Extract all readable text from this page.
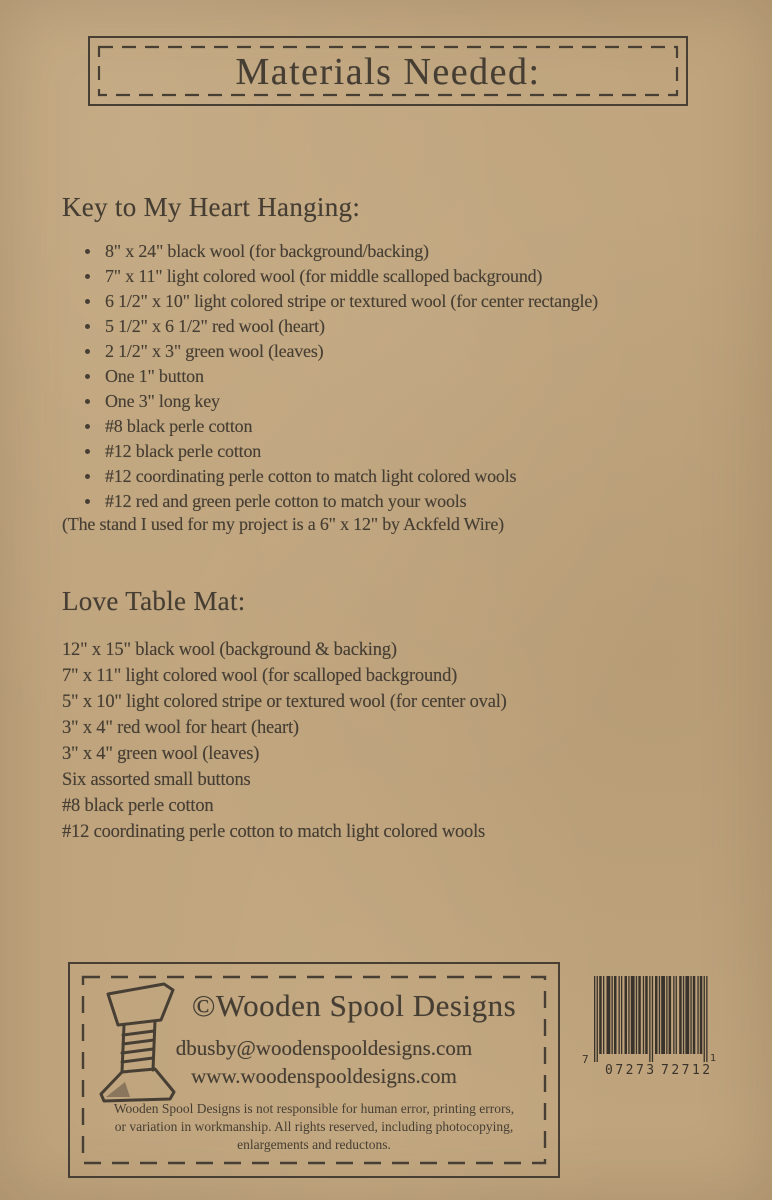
Materials Needed:
Key to My Heart Hanging:
8" x 24" black wool (for background/backing)
7" x 11" light colored wool (for middle scalloped background)
6 1/2" x 10" light colored stripe or textured wool (for center rectangle)
5 1/2" x 6 1/2" red wool (heart)
2 1/2" x 3" green wool (leaves)
One 1" button
One 3" long key
#8 black perle cotton
#12 black perle cotton
#12 coordinating perle cotton to match light colored wools
#12 red and green perle cotton to match your wools
(The stand I used for my project is a 6" x 12" by Ackfeld Wire)
Love Table Mat:
12" x 15" black wool (background & backing)
7" x 11" light colored wool (for scalloped background)
5" x 10" light colored stripe or textured wool (for center oval)
3" x 4" red wool for heart (heart)
3" x 4" green wool (leaves)
Six assorted small buttons
#8 black perle cotton
#12 coordinating perle cotton to match light colored wools
©Wooden Spool Designs
dbusby@woodenspooldesigns.com
www.woodenspooldesigns.com
Wooden Spool Designs is not responsible for human error, printing errors,
or variation in workmanship. All rights reserved, including photocopying,
enlargements and reductons.
7
07273 72712
1
